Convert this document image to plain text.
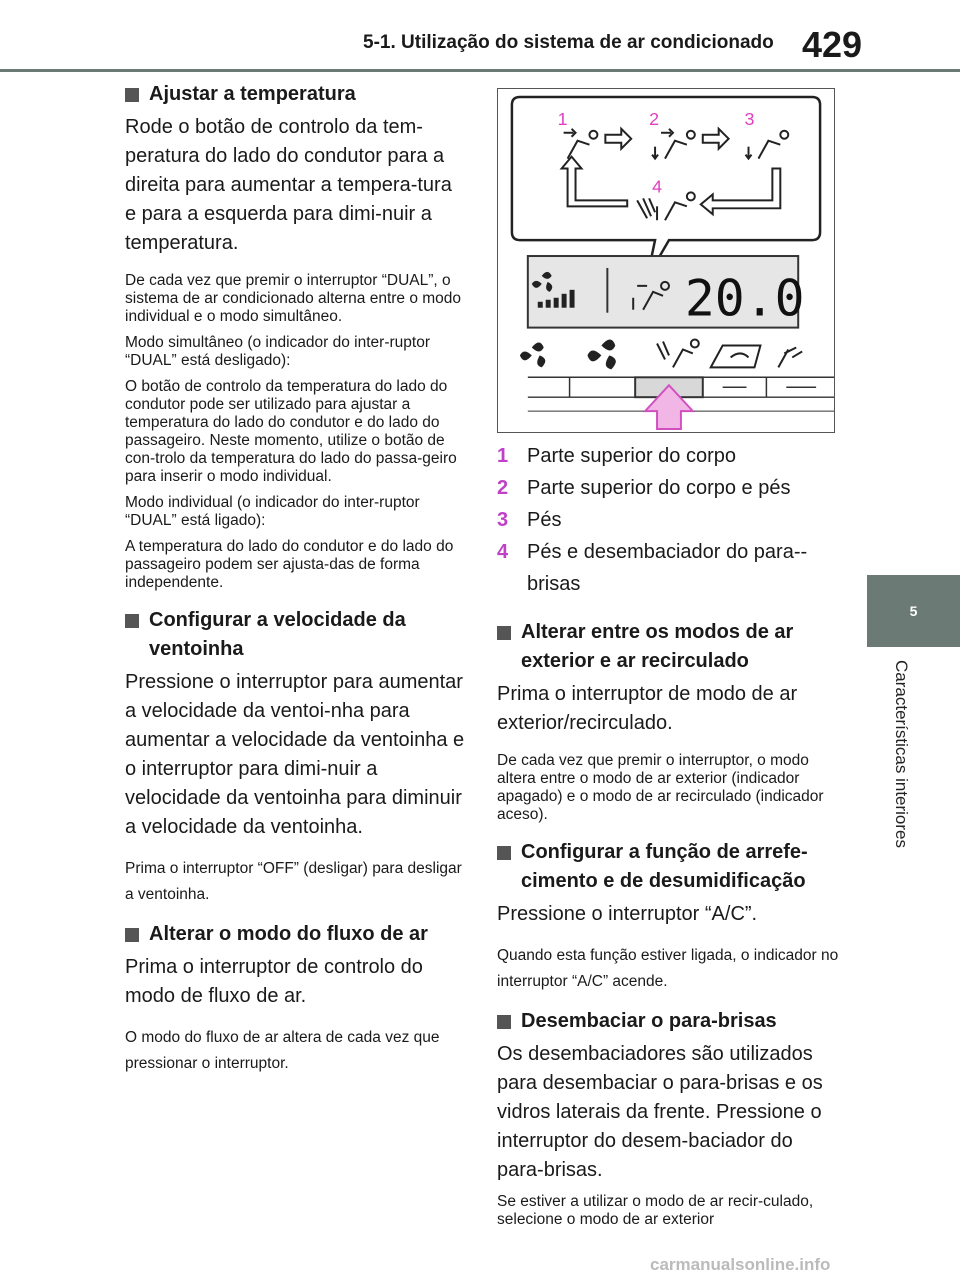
5-1. Utilização do sistema de ar condicionado 429
5
Características interiores
Ajustar a temperatura

Rode o botão de controlo da tem-peratura do lado do condutor para a direita para aumentar a tempera-tura e para a esquerda para dimi-nuir a temperatura.

De cada vez que premir o interruptor “DUAL”, o sistema de ar condicionado alterna entre o modo individual e o modo simultâneo.

Modo simultâneo (o indicador do inter-ruptor “DUAL” está desligado):

O botão de controlo da temperatura do lado do condutor pode ser utilizado para ajustar a temperatura do lado do condutor e do lado do passageiro. Neste momento, utilize o botão de con-trolo da temperatura do lado do passa-geiro para inserir o modo individual.

Modo individual (o indicador do inter-ruptor “DUAL” está ligado):

A temperatura do lado do condutor e do lado do passageiro podem ser ajusta-das de forma independente.

Configurar a velocidade da ventoinha

Pressione o interruptor para aumentar a velocidade da ventoi-nha para aumentar a velocidade da ventoinha e o interruptor para dimi-nuir a velocidade da ventoinha para diminuir a velocidade da ventoinha.

Prima o interruptor “OFF” (desligar) para desligar a ventoinha.

Alterar o modo do fluxo de ar

Prima o interruptor de controlo do modo de fluxo de ar.

O modo do fluxo de ar altera de cada vez que pressionar o interruptor.

1	2	3
4
20.0
1 Parte superior do corpo
2 Parte superior do corpo e pés
3 Pés
4 Pés e desembaciador do para--brisas
Alterar entre os modos de ar exterior e ar recirculado

Prima o interruptor de modo de ar exterior/recirculado.

De cada vez que premir o interruptor, o modo altera entre o modo de ar exterior (indicador apagado) e o modo de ar recirculado (indicador aceso).

Configurar a função de arrefe-cimento e de desumidificação

Pressione o interruptor “A/C”.

Quando esta função estiver ligada, o indicador no interruptor “A/C” acende.

Desembaciar o para-brisas

Os desembaciadores são utilizados para desembaciar o para-brisas e os vidros laterais da frente. Pressione o interruptor do desem-baciador do para-brisas.

Se estiver a utilizar o modo de ar recir-culado, selecione o modo de ar exterior

carmanualsonline.info
